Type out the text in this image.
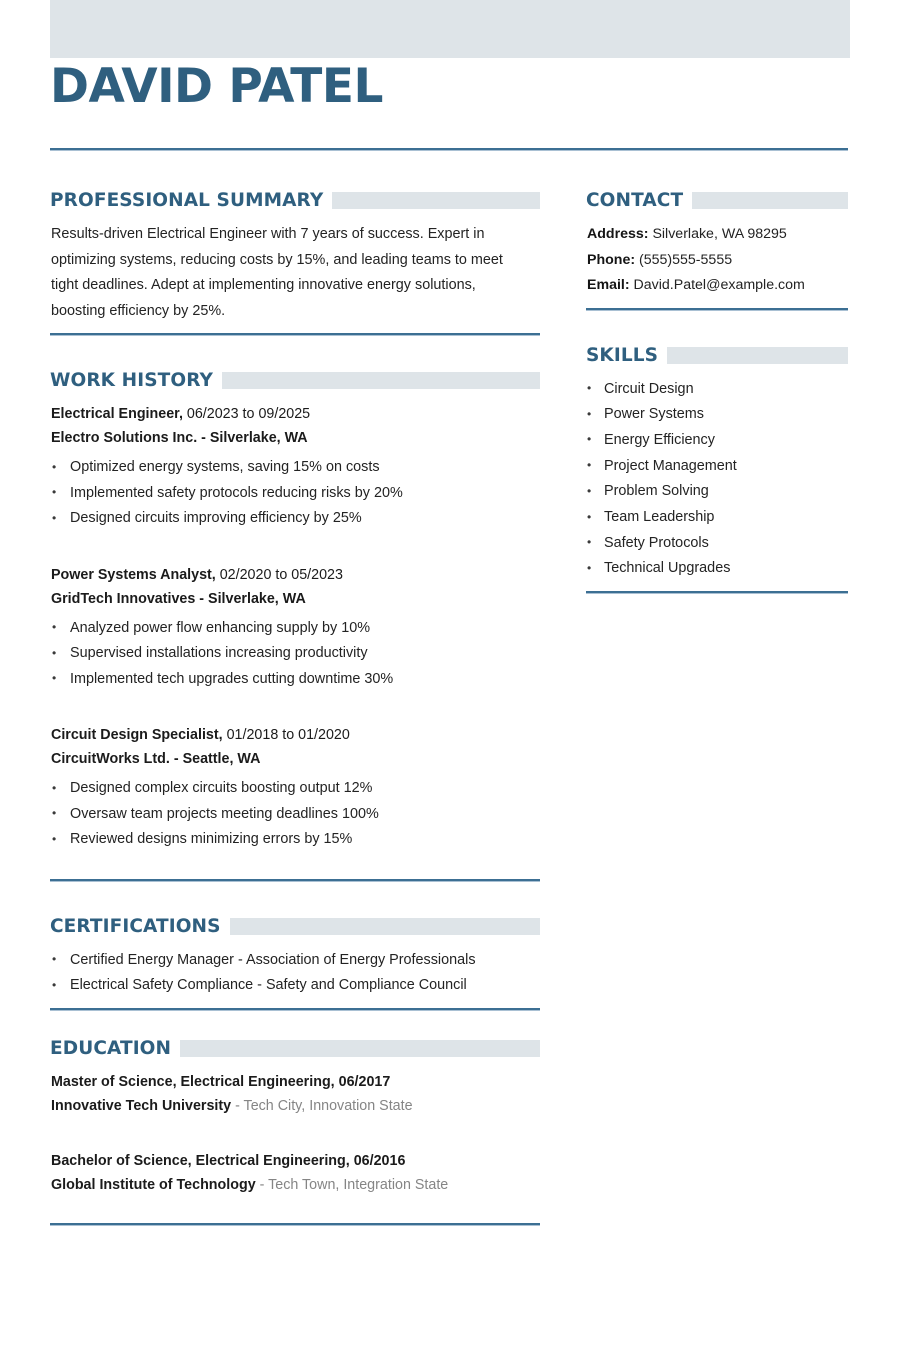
DAVID PATEL
PROFESSIONAL SUMMARY

Results-driven Electrical Engineer with 7 years of success. Expert in optimizing systems, reducing costs by 15%, and leading teams to meet tight deadlines. Adept at implementing innovative energy solutions, boosting efficiency by 25%.

WORK HISTORY
Electrical Engineer, 06/2023 to 09/2025
Electro Solutions Inc. - Silverlake, WA
• Optimized energy systems, saving 15% on costs
• Implemented safety protocols reducing risks by 20%
• Designed circuits improving efficiency by 25%
Power Systems Analyst, 02/2020 to 05/2023
GridTech Innovatives - Silverlake, WA
• Analyzed power flow enhancing supply by 10%
• Supervised installations increasing productivity
• Implemented tech upgrades cutting downtime 30%
Circuit Design Specialist, 01/2018 to 01/2020
CircuitWorks Ltd. - Seattle, WA
• Designed complex circuits boosting output 12%
• Oversaw team projects meeting deadlines 100%
• Reviewed designs minimizing errors by 15%
CERTIFICATIONS
• Certified Energy Manager - Association of Energy Professionals
• Electrical Safety Compliance - Safety and Compliance Council
EDUCATION
Master of Science, Electrical Engineering, 06/2017
Innovative Tech University - Tech City, Innovation State
Bachelor of Science, Electrical Engineering, 06/2016
Global Institute of Technology - Tech Town, Integration State
CONTACT
Address: Silverlake, WA 98295
Phone: (555)555-5555
Email: David.Patel@example.com
SKILLS
• Circuit Design
• Power Systems
• Energy Efficiency
• Project Management
• Problem Solving
• Team Leadership
• Safety Protocols
• Technical Upgrades
